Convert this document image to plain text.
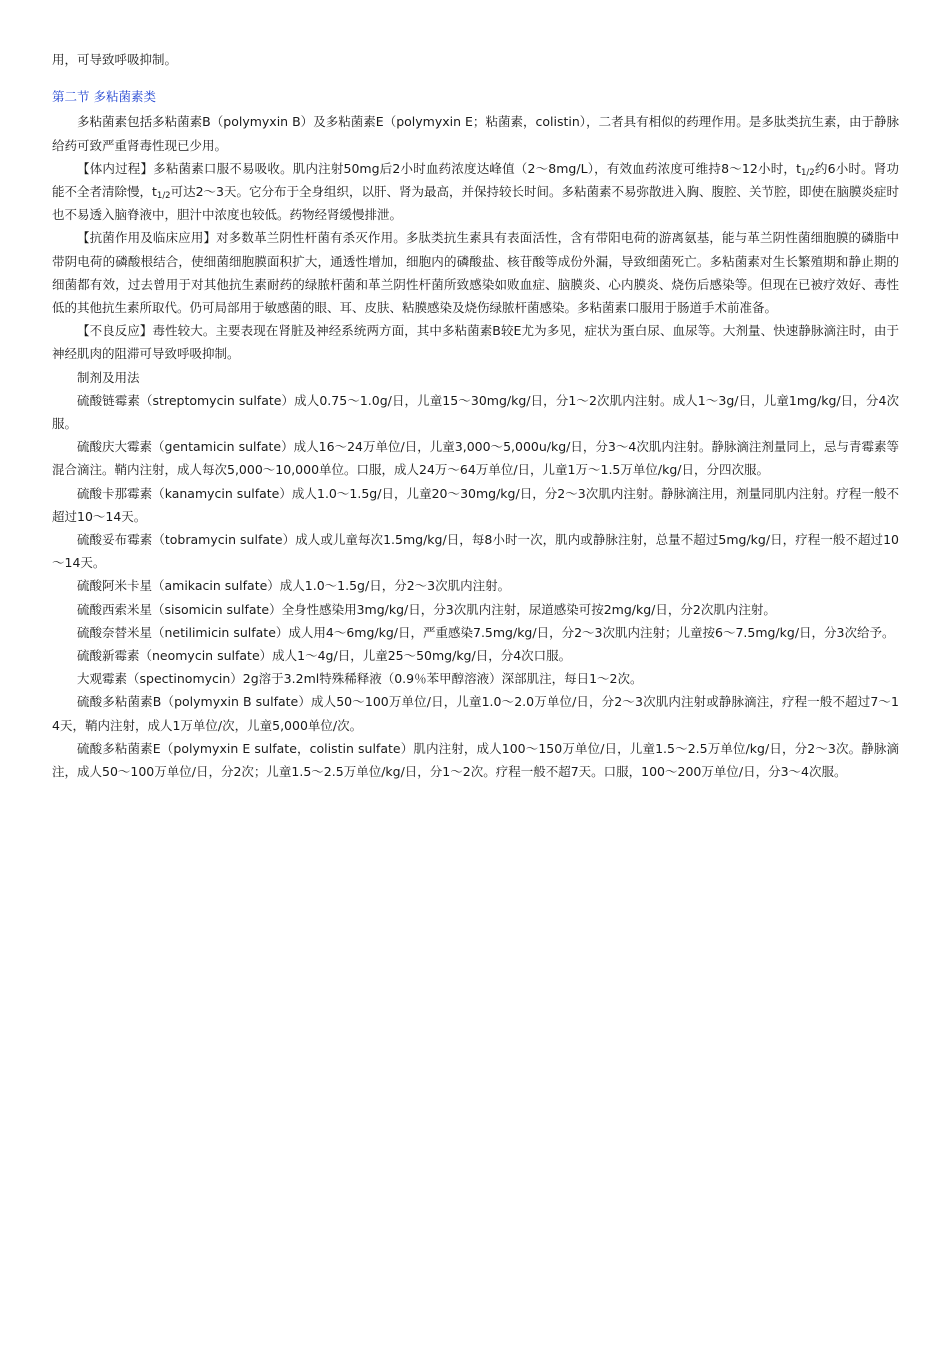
用，可导致呼吸抑制。

第二节 多粘菌素类

多粘菌素包括多粘菌素B（polymyxin B）及多粘菌素E（polymyxin E；粘菌素，colistin），二者具有相似的药理作用。是多肽类抗生素，由于静脉给药可致严重肾毒性现已少用。

【体内过程】多粘菌素口服不易吸收。肌内注射50mg后2小时血药浓度达峰值（2～8mg/L），有效血药浓度可维持8～12小时，$t_{1/2}$约6小时。肾功能不全者清除慢，$t_{1/2}$可达2～3天。它分布于全身组织，以肝、肾为最高，并保持较长时间。多粘菌素不易弥散进入胸、腹腔、关节腔，即使在脑膜炎症时也不易透入脑脊液中，胆汁中浓度也较低。药物经肾缓慢排泄。

【抗菌作用及临床应用】对多数革兰阴性杆菌有杀灭作用。多肽类抗生素具有表面活性，含有带阳电荷的游离氨基，能与革兰阴性菌细胞膜的磷脂中带阴电荷的磷酸根结合，使细菌细胞膜面积扩大，通透性增加，细胞内的磷酸盐、核苷酸等成份外漏，导致细菌死亡。多粘菌素对生长繁殖期和静止期的细菌都有效，过去曾用于对其他抗生素耐药的绿脓杆菌和革兰阴性杆菌所致感染如败血症、脑膜炎、心内膜炎、烧伤后感染等。但现在已被疗效好、毒性低的其他抗生素所取代。仍可局部用于敏感菌的眼、耳、皮肤、粘膜感染及烧伤绿脓杆菌感染。多粘菌素口服用于肠道手术前准备。

【不良反应】毒性较大。主要表现在肾脏及神经系统两方面，其中多粘菌素B较E尤为多见，症状为蛋白尿、血尿等。大剂量、快速静脉滴注时，由于神经肌肉的阻滞可导致呼吸抑制。

制剂及用法

硫酸链霉素（streptomycin sulfate）成人0.75～1.0g/日，儿童15～30mg/kg/日，分1～2次肌内注射。成人1～3g/日，儿童1mg/kg/日，分4次服。

硫酸庆大霉素（gentamicin sulfate）成人16～24万单位/日，儿童3,000～5,000u/kg/日，分3～4次肌内注射。静脉滴注剂量同上，忌与青霉素等混合滴注。鞘内注射，成人每次5,000～10,000单位。口服，成人24万～64万单位/日，儿童1万～1.5万单位/kg/日，分四次服。

硫酸卡那霉素（kanamycin sulfate）成人1.0～1.5g/日，儿童20～30mg/kg/日，分2～3次肌内注射。静脉滴注用，剂量同肌内注射。疗程一般不超过10～14天。

硫酸妥布霉素（tobramycin sulfate）成人或儿童每次1.5mg/kg/日，每8小时一次，肌内或静脉注射，总量不超过5mg/kg/日，疗程一般不超过10～14天。

硫酸阿米卡星（amikacin sulfate）成人1.0～1.5g/日，分2～3次肌内注射。

硫酸西索米星（sisomicin sulfate）全身性感染用3mg/kg/日，分3次肌内注射，尿道感染可按2mg/kg/日，分2次肌内注射。

硫酸奈替米星（netilimicin sulfate）成人用4～6mg/kg/日，严重感染7.5mg/kg/日，分2～3次肌内注射；儿童按6～7.5mg/kg/日，分3次给予。

硫酸新霉素（neomycin sulfate）成人1～4g/日，儿童25～50mg/kg/日，分4次口服。

大观霉素（spectinomycin）2g溶于3.2ml特殊稀释液（0.9％苯甲醇溶液）深部肌注，每日1～2次。

硫酸多粘菌素B（polymyxin B sulfate）成人50～100万单位/日，儿童1.0～2.0万单位/日，分2～3次肌内注射或静脉滴注，疗程一般不超过7～14天，鞘内注射，成人1万单位/次，儿童5,000单位/次。

硫酸多粘菌素E（polymyxin E sulfate，colistin sulfate）肌内注射，成人100～150万单位/日，儿童1.5～2.5万单位/kg/日，分2～3次。静脉滴注，成人50～100万单位/日，分2次；儿童1.5～2.5万单位/kg/日，分1～2次。疗程一般不超7天。口服，100～200万单位/日，分3～4次服。
